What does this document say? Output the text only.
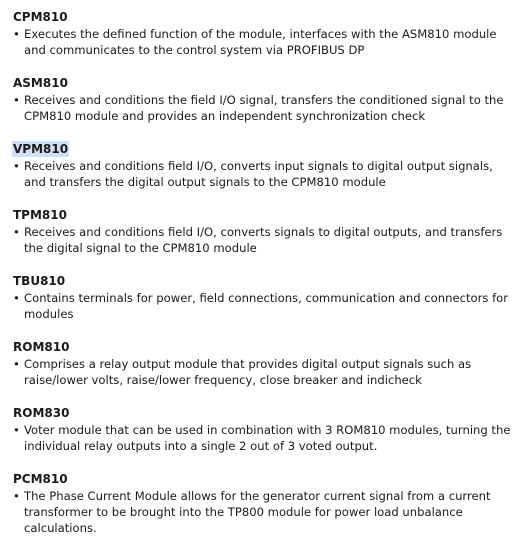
CPM810
• Executes the defined function of the module, interfaces with the ASM810 module and communicates to the control system via PROFIBUS DP
ASM810
• Receives and conditions the field I/O signal, transfers the conditioned signal to the CPM810 module and provides an independent synchronization check
VPM810
• Receives and conditions field I/O, converts input signals to digital output signals, and transfers the digital output signals to the CPM810 module
TPM810
• Receives and conditions field I/O, converts signals to digital outputs, and transfers the digital signal to the CPM810 module
TBU810
• Contains terminals for power, field connections, communication and connectors for modules
ROM810
• Comprises a relay output module that provides digital output signals such as raise/lower volts, raise/lower frequency, close breaker and indicheck
ROM830
• Voter module that can be used in combination with 3 ROM810 modules, turning the individual relay outputs into a single 2 out of 3 voted output.
PCM810
• The Phase Current Module allows for the generator current signal from a current transformer to be brought into the TP800 module for power load unbalance calculations.
